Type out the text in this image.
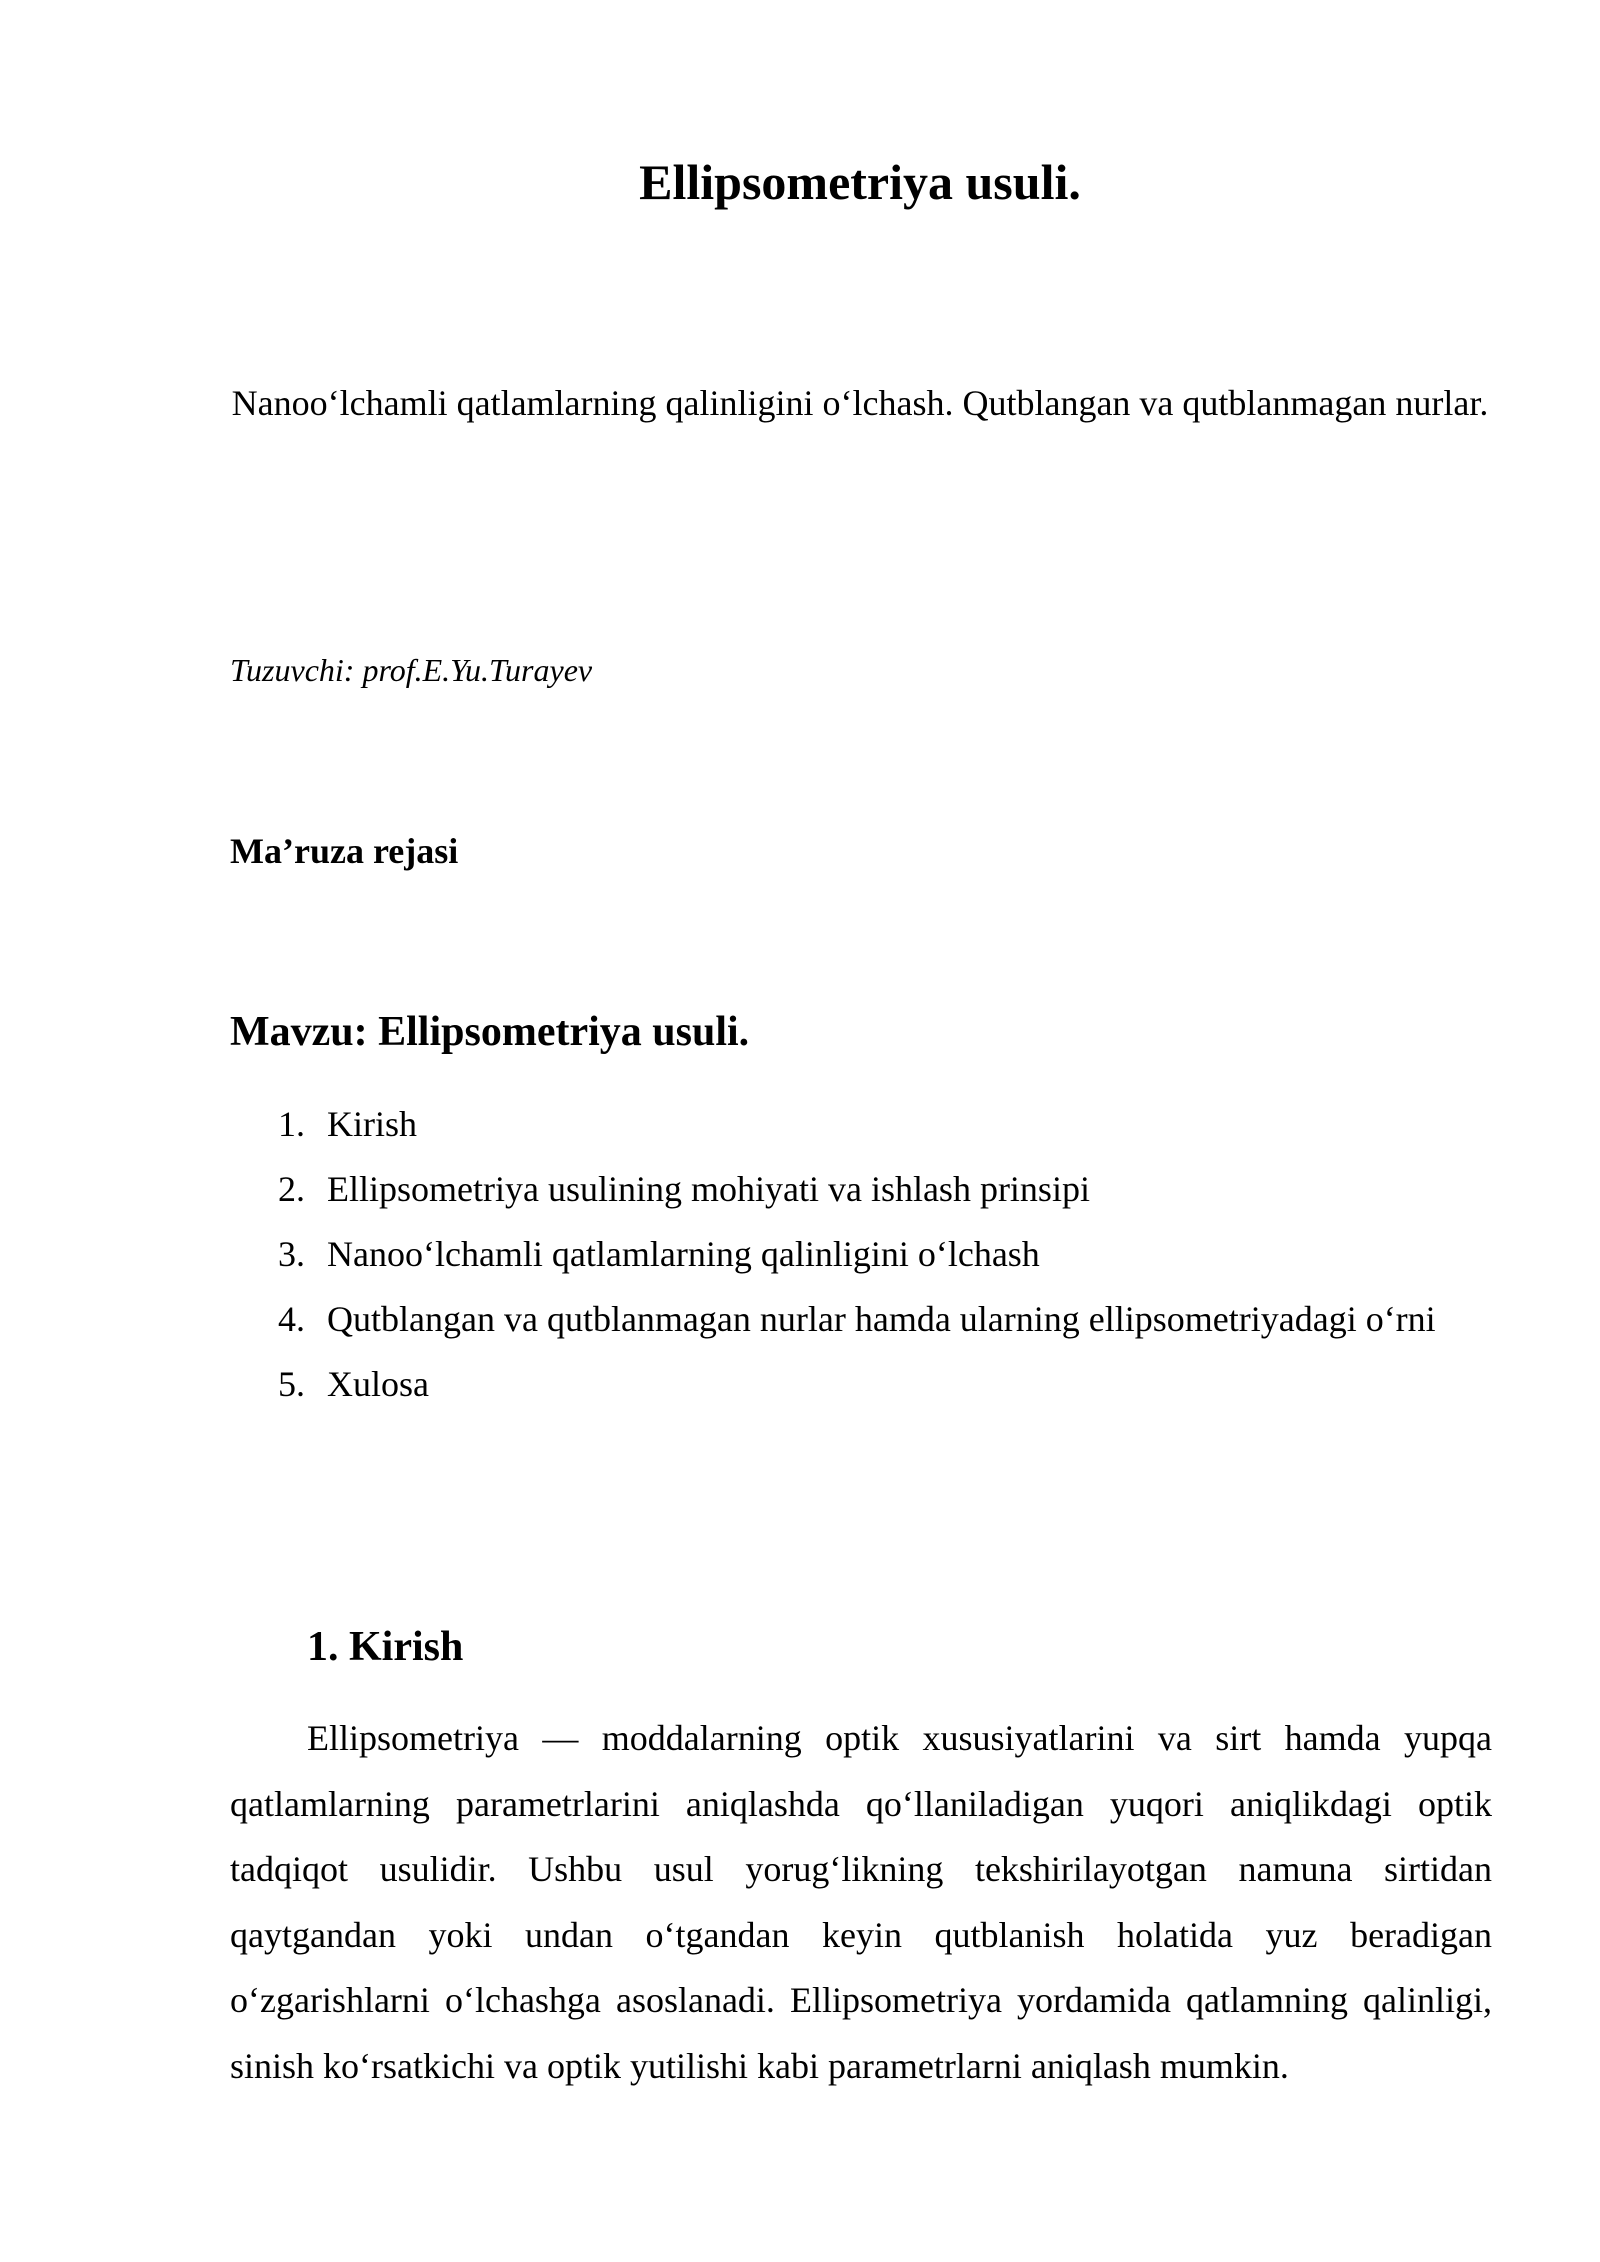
Ellipsometriya usuli.

Nanoo‘lchamli qatlamlarning qalinligini o‘lchash. Qutblangan va qutblanmagan nurlar.

Tuzuvchi: prof.E.Yu.Turayev

Ma’ruza rejasi
Mavzu: Ellipsometriya usuli.
1. Kirish
2. Ellipsometriya usulining mohiyati va ishlash prinsipi
3. Nanoo‘lchamli qatlamlarning qalinligini o‘lchash
4. Qutblangan va qutblanmagan nurlar hamda ularning ellipsometriyadagi o‘rni
5. Xulosa
1. Kirish

Ellipsometriya — moddalarning optik xususiyatlarini va sirt hamda yupqa qatlamlarning parametrlarini aniqlashda qo‘llaniladigan yuqori aniqlikdagi optik tadqiqot usulidir. Ushbu usul yorug‘likning tekshirilayotgan namuna sirtidan qaytgandan yoki undan o‘tgandan keyin qutblanish holatida yuz beradigan o‘zgarishlarni o‘lchashga asoslanadi. Ellipsometriya yordamida qatlamning qalinligi, sinish ko‘rsatkichi va optik yutilishi kabi parametrlarni aniqlash mumkin.
